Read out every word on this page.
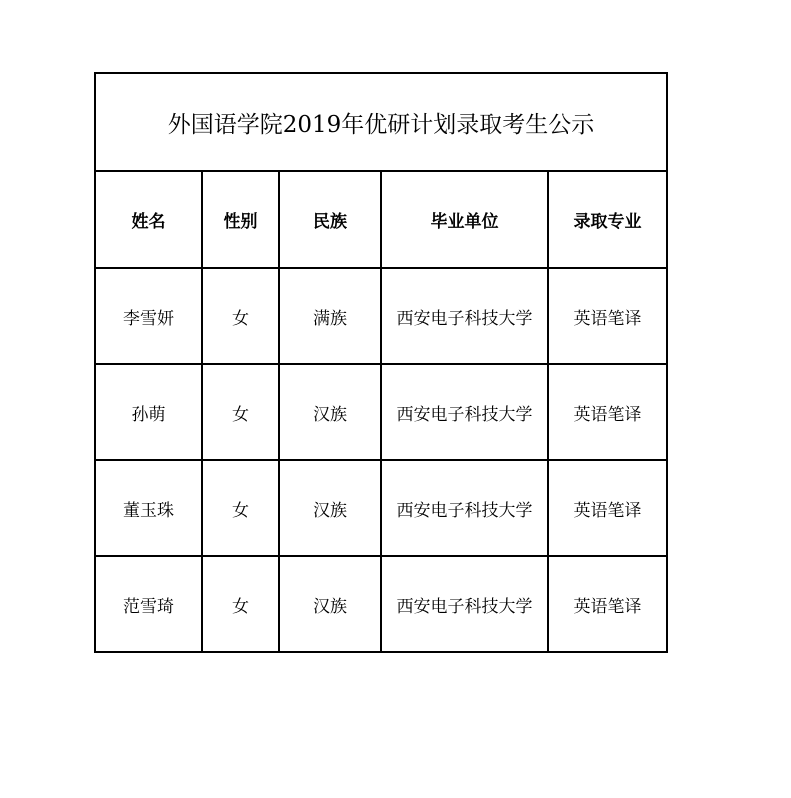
外国语学院2019年优研计划录取考生公示				
姓名	性别	民族	毕业单位	录取专业
李雪妍	女	满族	西安电子科技大学	英语笔译
孙萌	女	汉族	西安电子科技大学	英语笔译
董玉珠	女	汉族	西安电子科技大学	英语笔译
范雪琦	女	汉族	西安电子科技大学	英语笔译
